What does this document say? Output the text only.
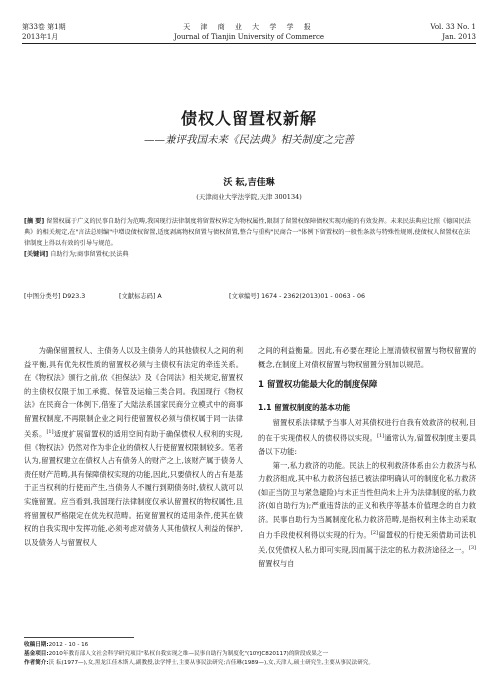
第33卷 第1期
2013年1月
天 津 商 业 大 学 学 报
Journal of Tianjin University of Commerce
Vol. 33 No. 1
Jan. 2013
债权人留置权新解
——兼评我国未来《民法典》相关制度之完善
沃 耘,吉佳琳
(天津商业大学法学院,天津 300134)
[摘 要] 留置权属于广义的民事自助行为范畴,我国现行法律制度将留置权界定为物权属性,限制了留置权保障债权实现功能的有效发挥。未来民法典应比照《德国民法典》的相关规定,在"言法总则编"中增设债权留置,适度剥离物权留置与债权留置,整合与重构"民商合一"体例下留置权的一般性条款与特殊性规则,使债权人留置权在法律制度上得以有效的引导与规范。
[关键词] 自助行为;商事留置权;民法典
[中图分类号] D923.3	[文献标志码] A	[文章编号] 1674 - 2362(2013)01 - 0063 - 06

为确保留置权人、主债务人以及主债务人的其他债权人之间的利益平衡,具有优先权性质的留置权必须与主债权有法定的牵连关系。在《物权法》颁行之前,依《担保法》及《合同法》相关规定,留置权的主债权仅限于加工承揽、保管及运输三类合同。我国现行《物权法》在民商合一体例下,借鉴了大陆法系国家民商分立模式中的商事留置权制度,不再限制企业之间行使留置权必须与债权属于同一法律关系。[1]适度扩展留置权的适用空间有助于确保债权人权利的实现,但《物权法》仍然对作为非企业的债权人行使留置权限制较多。笔者认为,留置权建立在债权人占有债务人的财产之上,该财产属于债务人责任财产范畴,具有保障债权实现的功能,因此,只要债权人的占有是基于正当权利的行使而产生,当债务人不履行到期债务时,债权人就可以实施留置。应当看到,我国现行法律制度仅承认留置权的物权属性,且将留置权严格限定在优先权范畴。拓宽留置权的适用条件,使其在债权的自我实现中发挥功能,必须考虑对债务人其他债权人利益的保护,以及债务人与留置权人

之间的利益衡量。因此,有必要在理论上厘清债权留置与物权留置的概念,在制度上对债权留置与物权留置分别加以规范。

1 留置权功能最大化的制度保障
1.1 留置权制度的基本功能

留置权系法律赋予当事人对其债权进行自我有效救济的权利,目的在于实现债权人的债权得以实现。[1]通常认为,留置权制度主要具备以下功能:

第一,私力救济的功能。民法上的权利救济体系由公力救济与私力救济组成,其中私力救济包括已被法律明确认可的制度化私力救济(如正当防卫与紧急避险)与未正当性但尚未上升为法律制度的私力救济(如自助行为);严重违背法的正义和秩序等基本价值理念的自力救济。民事自助行为当属制度化私力救济范畴,是指权利主体主动采取自力手段使权利得以实现的行为。[2]留置权的行使无须借助司法机关,仅凭债权人私力即可实现,因而属于法定的私力救济途径之一。[3]留置权与自

收稿日期:2012 - 10 - 16
基金项目:2010年教育部人文社会科学研究项目"私权自我实现之维—民事自助行为制度化"(10YJC820117)的阶段成果之一
作者简介:沃 耘(1977—),女,黑龙江佳木斯人,副教授,法学博士,主要从事民法研究;吉佳琳(1989—),女,天津人,硕士研究生,主要从事民法研究。
